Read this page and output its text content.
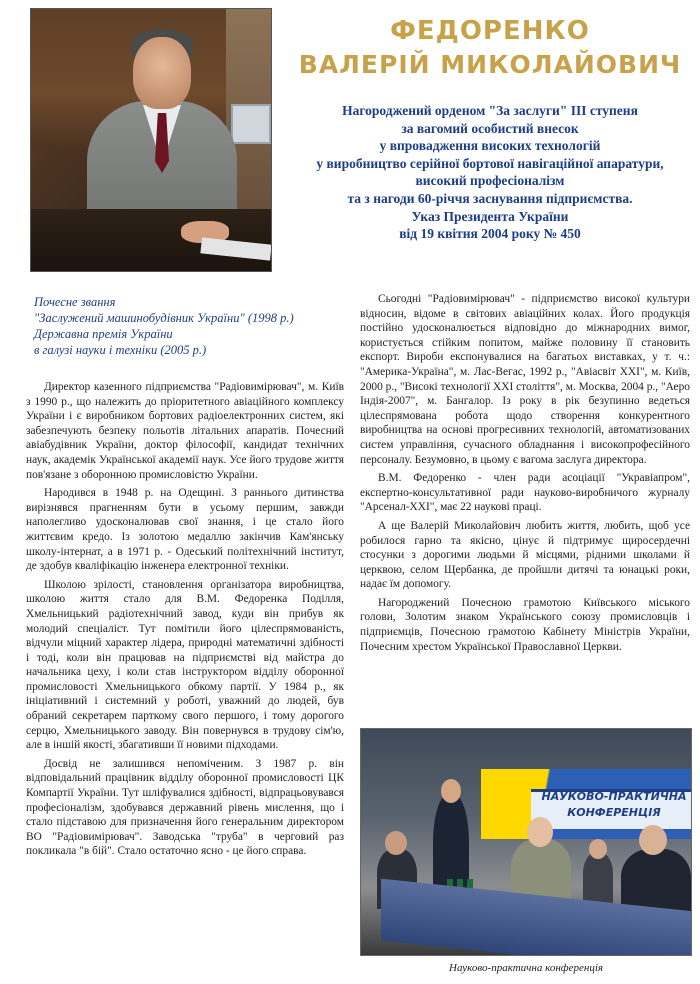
ФЕДОРЕНКО
ВАЛЕРІЙ МИКОЛАЙОВИЧ
Нагороджений орденом "За заслуги" III ступеня
за вагомий особистий внесок
у впровадження високих технологій
у виробництво серійної бортової навігаційної апаратури,
високий професіоналізм
та з нагоди 60-річчя заснування підприємства.
Указ Президента України
від 19 квітня 2004 року № 450
Почесне звання
"Заслужений машинобудівник України" (1998 р.)
Державна премія України
в галузі науки і техніки (2005 р.)

Директор казенного підприємства "Радіовимірювач", м. Київ з 1990 р., що належить до пріоритетного авіаційного комплексу України і є виробником бортових радіоелектронних систем, які забезпечують безпеку польотів літальних апаратів. Почесний авіабудівник України, доктор філософії, кандидат технічних наук, академік Української академії наук. Усе його трудове життя пов'язане з оборонною промисловістю України.

Народився в 1948 р. на Одещині. З раннього дитинства вирізнявся прагненням бути в усьому першим, завжди наполегливо удосконалював свої знання, і це стало його життєвим кредо. Із золотою медаллю закінчив Кам'янську школу-інтернат, а в 1971 р. - Одеський політехнічний інститут, де здобув кваліфікацію інженера електронної техніки.

Школою зрілості, становлення організатора виробництва, школою життя стало для В.М. Федоренка Поділля, Хмельницький радіотехнічний завод, куди він прибув як молодий спеціаліст. Тут помітили його цілеспрямованість, відчули міцний характер лідера, природні математичні здібності і тоді, коли він працював на підприємстві від майстра до начальника цеху, і коли став інструктором відділу оборонної промисловості Хмельницького обкому партії. У 1984 р., як ініціативний і системний у роботі, уважний до людей, був обраний секретарем парткому свого першого, і тому дорогого серцю, Хмельницького заводу. Він повернувся в трудову сім'ю, але в іншій якості, збагативши її новими підходами.

Досвід не залишився непоміченим. З 1987 р. він відповідальний працівник відділу оборонної промисловості ЦК Компартії України. Тут шліфувалися здібності, відпрацьовувався професіоналізм, здобувався державний рівень мислення, що і стало підставою для призначення його генеральним директором ВО "Радіовимірювач". Заводська "труба" в черговий раз покликала "в бій". Стало остаточно ясно - це його справа.

Сьогодні "Радіовимірювач" - підприємство високої культури відносин, відоме в світових авіаційних колах. Його продукція постійно удосконалюється відповідно до міжнародних вимог, користується стійким попитом, майже половину її становить експорт. Вироби експонувалися на багатьох виставках, у т. ч.: "Америка-Україна", м. Лас-Вегас, 1992 р., "Авіасвіт XXI", м. Київ, 2000 р., "Високі технології XXI століття", м. Москва, 2004 р., "Аеро Індія-2007", м. Бангалор. Із року в рік безупинно ведеться цілеспрямована робота щодо створення конкурентного виробництва на основі прогресивних технологій, автоматизованих систем управління, сучасного обладнання і високопрофесійного персоналу. Безумовно, в цьому є вагома заслуга директора.

В.М. Федоренко - член ради асоціації "Укравіапром", експертно-консультативної ради науково-виробничого журналу "Арсенал-XXI", має 22 наукові праці.

А ще Валерій Миколайович любить життя, любить, щоб усе робилося гарно та якісно, цінує й підтримує щиросердечні стосунки з дорогими людьми й місцями, рідними школами й церквою, селом Щербанка, де пройшли дитячі та юнацькі роки, надає їм допомогу.

Нагороджений Почесною грамотою Київського міського голови, Золотим знаком Українського союзу промисловців і підприємців, Почесною грамотою Кабінету Міністрів України, Почесним хрестом Української Православної Церкви.

НАУКОВО-ПРАКТИЧНА
КОНФЕРЕНЦІЯ
Науково-практична конференція
